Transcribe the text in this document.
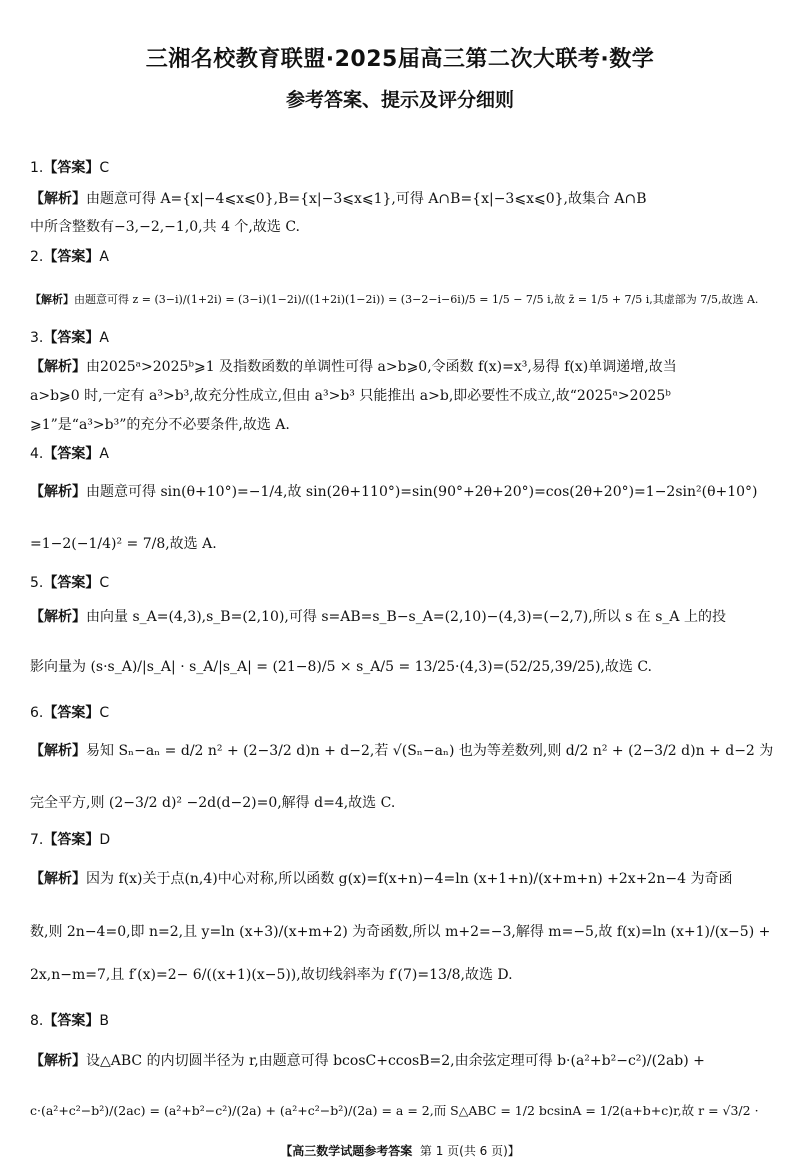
三湘名校教育联盟·2025届高三第二次大联考·数学
参考答案、提示及评分细则
1.【答案】C
【解析】由题意可得 A={x|−4⩽x⩽0},B={x|−3⩽x⩽1},可得 A∩B={x|−3⩽x⩽0},故集合 A∩B
中所含整数有−3,−2,−1,0,共 4 个,故选 C.
2.【答案】A
【解析】由题意可得 z = (3−i)/(1+2i) = (3−i)(1−2i)/((1+2i)(1−2i)) = (3−2−i−6i)/5 = 1/5 − 7/5 i,故 z̄ = 1/5 + 7/5 i,其虚部为 7/5,故选 A.
3.【答案】A
【解析】由2025ᵃ>2025ᵇ⩾1 及指数函数的单调性可得 a>b⩾0,令函数 f(x)=x³,易得 f(x)单调递增,故当
a>b⩾0 时,一定有 a³>b³,故充分性成立,但由 a³>b³ 只能推出 a>b,即必要性不成立,故“2025ᵃ>2025ᵇ
⩾1”是“a³>b³”的充分不必要条件,故选 A.
4.【答案】A
【解析】由题意可得 sin(θ+10°)=−1/4,故 sin(2θ+110°)=sin(90°+2θ+20°)=cos(2θ+20°)=1−2sin²(θ+10°)
=1−2(−1/4)² = 7/8,故选 A.
5.【答案】C
【解析】由向量 s_A=(4,3),s_B=(2,10),可得 s=AB=s_B−s_A=(2,10)−(4,3)=(−2,7),所以 s 在 s_A 上的投
影向量为 (s·s_A)/|s_A| · s_A/|s_A| = (21−8)/5 × s_A/5 = 13/25·(4,3)=(52/25,39/25),故选 C.
6.【答案】C
【解析】易知 Sₙ−aₙ = d/2 n² + (2−3/2 d)n + d−2,若 √(Sₙ−aₙ) 也为等差数列,则 d/2 n² + (2−3/2 d)n + d−2 为
完全平方,则 (2−3/2 d)² −2d(d−2)=0,解得 d=4,故选 C.
7.【答案】D
【解析】因为 f(x)关于点(n,4)中心对称,所以函数 g(x)=f(x+n)−4=ln (x+1+n)/(x+m+n) +2x+2n−4 为奇函
数,则 2n−4=0,即 n=2,且 y=ln (x+3)/(x+m+2) 为奇函数,所以 m+2=−3,解得 m=−5,故 f(x)=ln (x+1)/(x−5) +
2x,n−m=7,且 f′(x)=2− 6/((x+1)(x−5)),故切线斜率为 f′(7)=13/8,故选 D.
8.【答案】B
【解析】设△ABC 的内切圆半径为 r,由题意可得 bcosC+ccosB=2,由余弦定理可得 b·(a²+b²−c²)/(2ab) +
c·(a²+c²−b²)/(2ac) = (a²+b²−c²)/(2a) + (a²+c²−b²)/(2a) = a = 2,而 S△ABC = 1/2 bcsinA = 1/2(a+b+c)r,故 r = √3/2 ·
【高三数学试题参考答案 第 1 页(共 6 页)】
